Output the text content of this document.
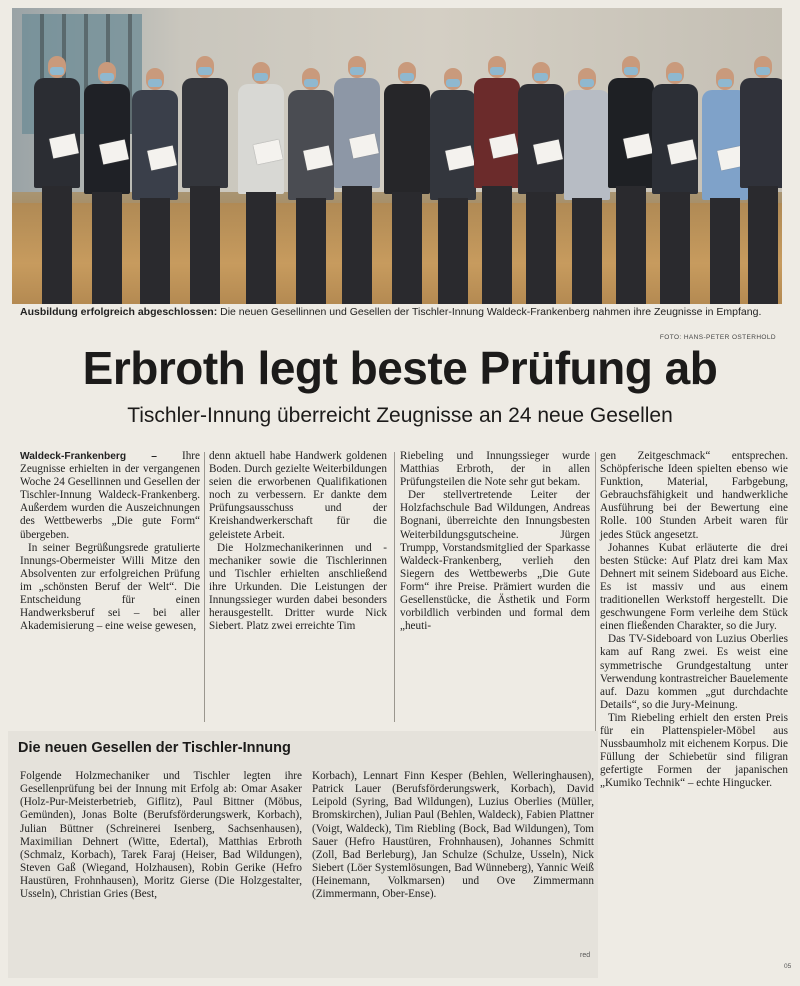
Ausbildung erfolgreich abgeschlossen: Die neuen Gesellinnen und Gesellen der Tischler-Innung Waldeck-Frankenberg nahmen ihre Zeugnisse in Empfang.
FOTO: HANS-PETER OSTERHOLD
Erbroth legt beste Prüfung ab
Tischler-Innung überreicht Zeugnisse an 24 neue Gesellen

Waldeck-Frankenberg – Ihre Zeugnisse erhielten in der vergangenen Woche 24 Gesellinnen und Gesellen der Tischler-Innung Waldeck-Frankenberg. Außerdem wurden die Auszeichnungen des Wettbewerbs „Die gute Form“ übergeben.

In seiner Begrüßungsrede gratulierte Innungs-Obermeister Willi Mitze den Absolventen zur erfolgreichen Prüfung im „schönsten Beruf der Welt“. Die Entscheidung für einen Handwerksberuf sei – bei aller Akademisierung – eine weise gewesen,

denn aktuell habe Handwerk goldenen Boden. Durch gezielte Weiterbildungen seien die erworbenen Qualifikationen noch zu verbessern. Er dankte dem Prüfungsausschuss und der Kreishandwerkerschaft für die geleistete Arbeit.

Die Holzmechanikerinnen und -mechaniker sowie die Tischlerinnen und Tischler erhielten anschließend ihre Urkunden. Die Leistungen der Innungssieger wurden dabei besonders herausgestellt. Dritter wurde Nick Siebert. Platz zwei erreichte Tim

Riebeling und Innungssieger wurde Matthias Erbroth, der in allen Prüfungsteilen die Note sehr gut bekam.

Der stellvertretende Leiter der Holzfachschule Bad Wildungen, Andreas Bognani, überreichte den Innungsbesten Weiterbildungsgutscheine. Jürgen Trumpp, Vorstandsmitglied der Sparkasse Waldeck-Frankenberg, verlieh den Siegern des Wettbewerbs „Die Gute Form“ ihre Preise. Prämiert wurden die Gesellenstücke, die Ästhetik und Form vorbildlich verbinden und formal dem „heuti-

gen Zeitgeschmack“ entsprechen. Schöpferische Ideen spielten ebenso wie Funktion, Material, Farbgebung, Gebrauchsfähigkeit und handwerkliche Ausführung bei der Bewertung eine Rolle. 100 Stunden Arbeit waren für jedes Stück angesetzt.

Johannes Kubat erläuterte die drei besten Stücke: Auf Platz drei kam Max Dehnert mit seinem Sideboard aus Eiche. Es ist massiv und aus einem traditionellen Werkstoff hergestellt. Die geschwungene Form verleihe dem Stück einen fließenden Charakter, so die Jury.

Das TV-Sideboard von Luzius Oberlies kam auf Rang zwei. Es weist eine symmetrische Grundgestaltung unter Verwendung kontrastreicher Bauelemente auf. Dazu kommen „gut durchdachte Details“, so die Jury-Meinung.

Tim Riebeling erhielt den ersten Preis für ein Plattenspieler-Möbel aus Nussbaumholz mit eichenem Korpus. Die Füllung der Schiebetür sind filigran gefertigte Formen der japanischen „Kumiko Technik“ – echte Hingucker.

Die neuen Gesellen der Tischler-Innung

Folgende Holzmechaniker und Tischler legten ihre Gesellenprüfung bei der Innung mit Erfolg ab: Omar Asaker (Holz-Pur-Meisterbetrieb, Giflitz), Paul Bittner (Möbus, Gemünden), Jonas Bolte (Berufsförderungswerk, Korbach), Julian Büttner (Schreinerei Isenberg, Sachsenhausen), Maximilian Dehnert (Witte, Edertal), Matthias Erbroth (Schmalz, Korbach), Tarek Faraj (Heiser, Bad Wildungen), Steven Gaß (Wiegand, Holzhausen), Robin Gerike (Hefro Haustüren, Frohnhausen), Moritz Gierse (Die Holzgestalter, Usseln), Christian Gries (Best,

Korbach), Lennart Finn Kesper (Behlen, Welleringhausen), Patrick Lauer (Berufsförderungswerk, Korbach), David Leipold (Syring, Bad Wildungen), Luzius Oberlies (Müller, Bromskirchen), Julian Paul (Behlen, Waldeck), Fabien Plattner (Voigt, Waldeck), Tim Riebling (Bock, Bad Wildungen), Tom Sauer (Hefro Haustüren, Frohnhausen), Johannes Schmitt (Zoll, Bad Berleburg), Jan Schulze (Schulze, Usseln), Nick Siebert (Löer Systemlösungen, Bad Wünneberg), Yannic Weiß (Heinemann, Volkmarsen) und Ove Zimmermann (Zimmermann, Ober-Ense).

red
05
